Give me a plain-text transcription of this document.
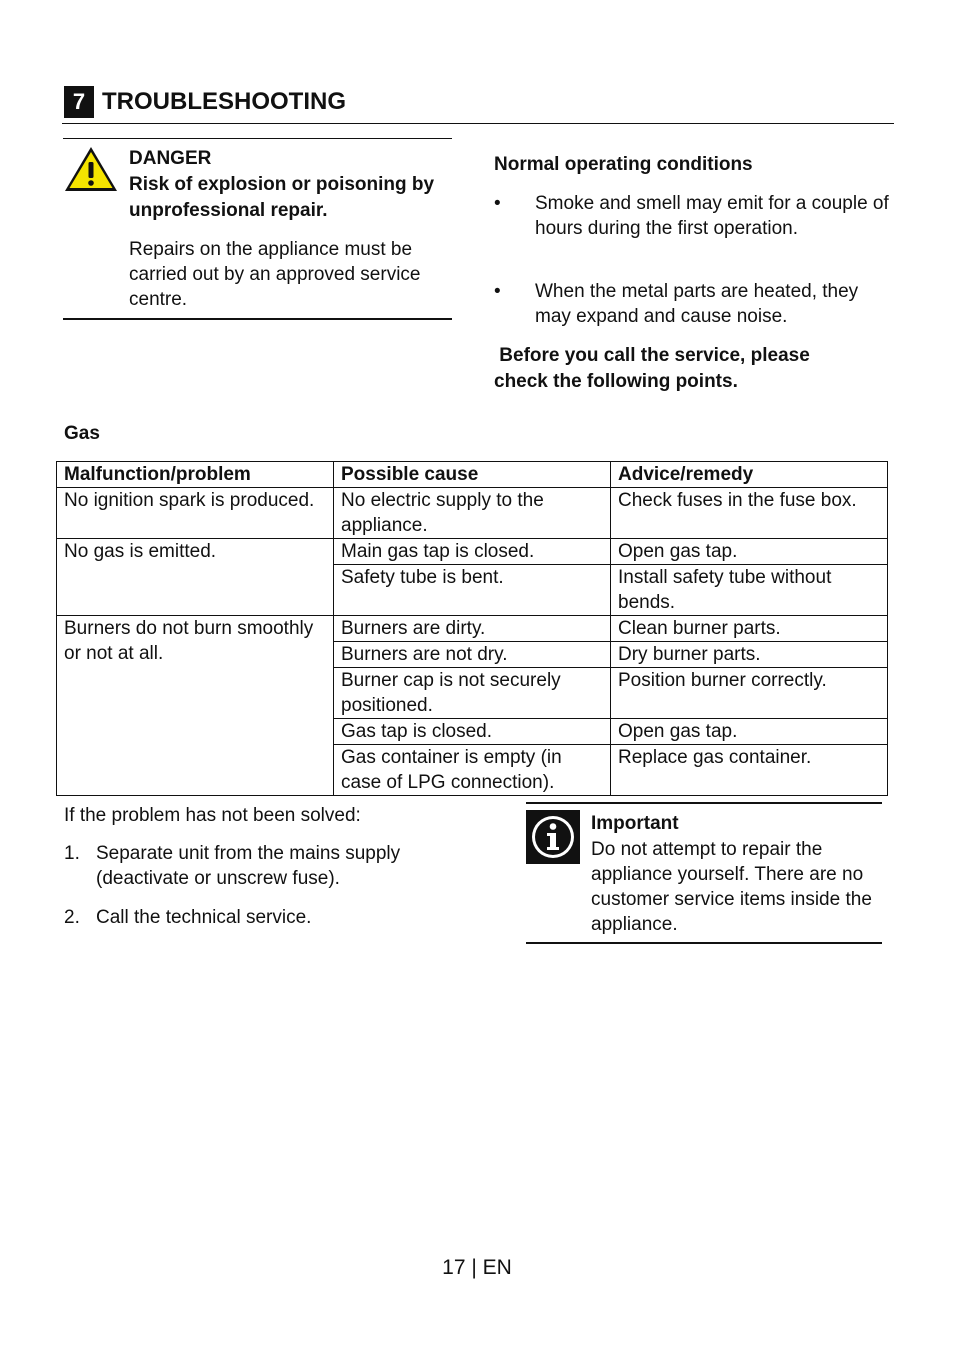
7 TROUBLESHOOTING
DANGER
Risk of explosion or poisoning by unprofessional repair.
Repairs on the appliance must be carried out by an approved service centre.
Normal operating conditions
• Smoke and smell may emit for a couple of hours during the first operation.
• When the metal parts are heated, they may expand and cause noise.
Before you call the service, please check the following points.
Gas
Malfunction/problem	Possible cause	Advice/remedy
No ignition spark is produced.	No electric supply to the appliance.	Check fuses in the fuse box.
No gas is emitted.	Main gas tap is closed.	Open gas tap.
	Safety tube is bent.	Install safety tube without bends.
Burners do not burn smoothly or not at all.	Burners are dirty.	Clean burner parts.
	Burners are not dry.	Dry burner parts.
	Burner cap is not securely positioned.	Position burner correctly.
	Gas tap is closed.	Open gas tap.
	Gas container is empty (in case of LPG connection).	Replace gas container.
If the problem has not been solved:
1. Separate unit from the mains supply (deactivate or unscrew fuse).
2. Call the technical service.
Important
Do not attempt to repair the appliance yourself. There are no customer service items inside the appliance.
17 | EN
